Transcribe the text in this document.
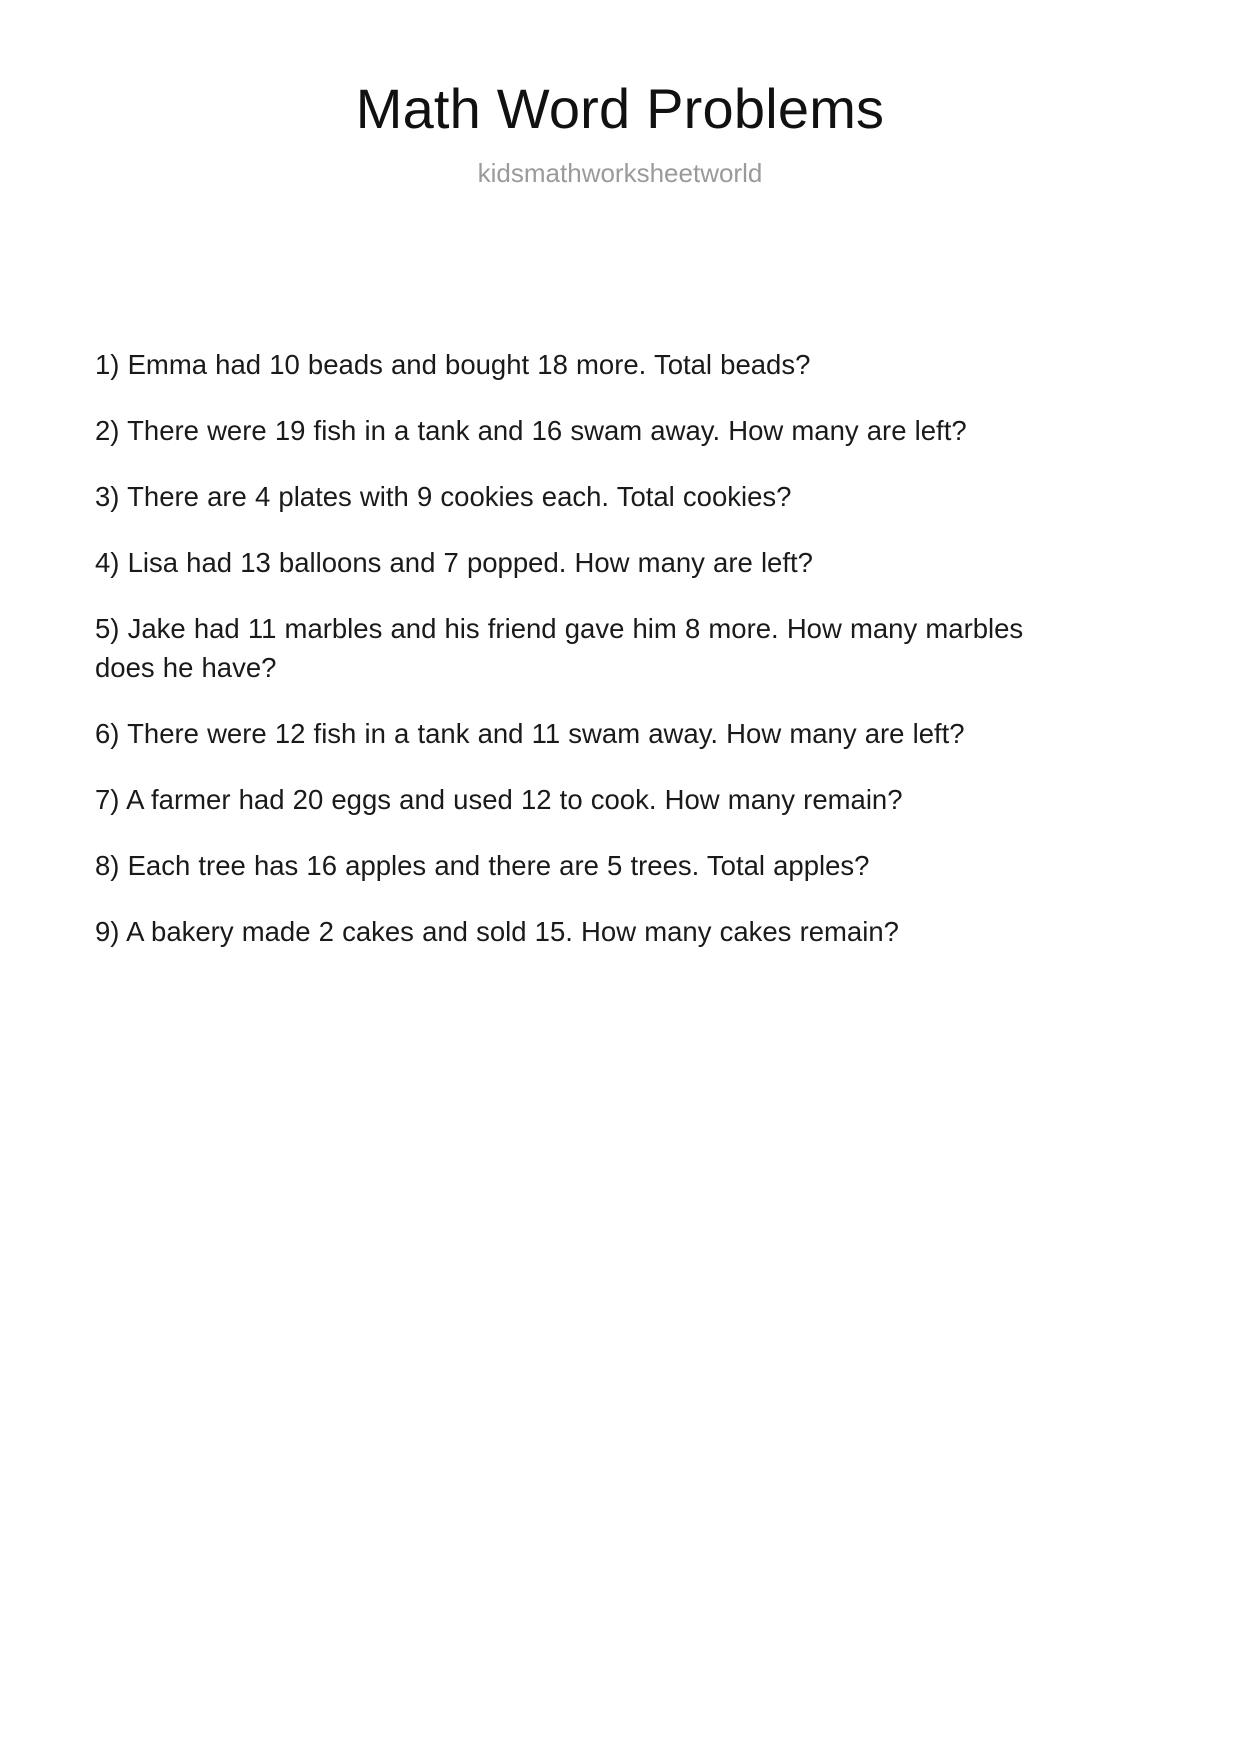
Math Word Problems
kidsmathworksheetworld
1) Emma had 10 beads and bought 18 more. Total beads?
2) There were 19 fish in a tank and 16 swam away. How many are left?
3) There are 4 plates with 9 cookies each. Total cookies?
4) Lisa had 13 balloons and 7 popped. How many are left?
5) Jake had 11 marbles and his friend gave him 8 more. How many marbles does he have?
6) There were 12 fish in a tank and 11 swam away. How many are left?
7) A farmer had 20 eggs and used 12 to cook. How many remain?
8) Each tree has 16 apples and there are 5 trees. Total apples?
9) A bakery made 2 cakes and sold 15. How many cakes remain?
